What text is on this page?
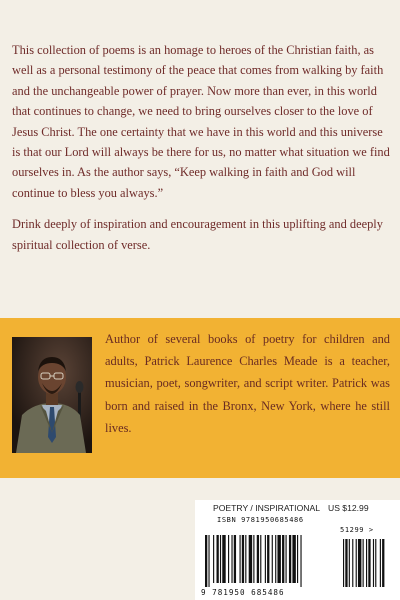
This collection of poems is an homage to heroes of the Christian faith, as well as a personal testimony of the peace that comes from walking by faith and the unchangeable power of prayer. Now more than ever, in this world that continues to change, we need to bring ourselves closer to the love of Jesus Christ. The one certainty that we have in this world and this universe is that our Lord will always be there for us, no matter what situation we find ourselves in. As the author says, “Keep walking in faith and God will continue to bless you always.”

Drink deeply of inspiration and encouragement in this uplifting and deeply spiritual collection of verse.

Author of several books of poetry for children and adults, Patrick Laurence Charles Meade is a teacher, musician, poet, songwriter, and script writer. Patrick was born and raised in the Bronx, New York, where he still lives.
POETRY / INSPIRATIONAL US $12.99
ISBN 9781950685486
51299 >
9 781950 685486
